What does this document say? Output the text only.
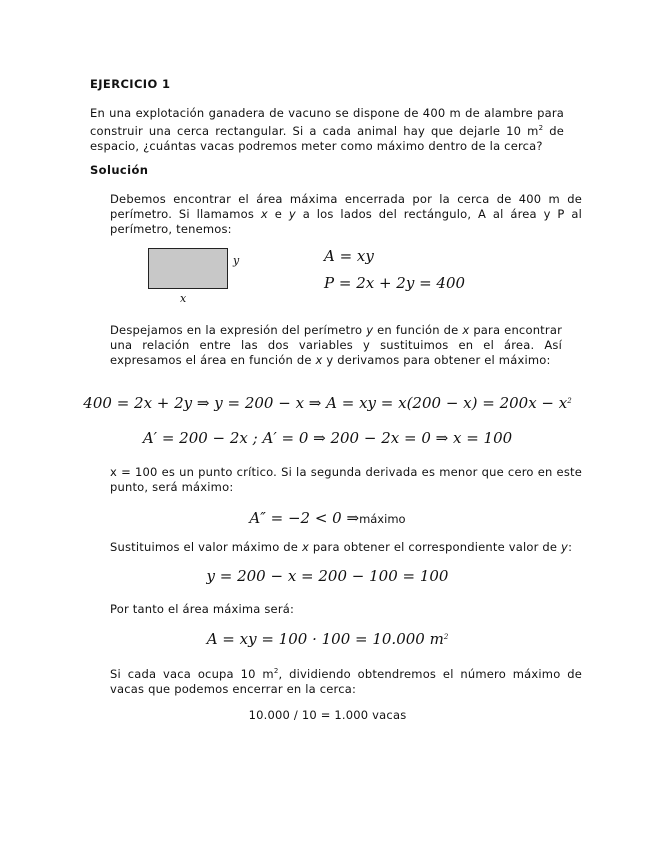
EJERCICIO 1
En una explotación ganadera de vacuno se dispone de 400 m de alambre para
construir una cerca rectangular. Si a cada animal hay que dejarle 10 $m^2$ de
espacio, ¿cuántas vacas podremos meter como máximo dentro de la cerca?
Solución
Debemos encontrar el área máxima encerrada por la cerca de 400 m de
perímetro. Si llamamos x e y a los lados del rectángulo, A al área y P al
perímetro, tenemos:
y
x
A = xy
P = 2x + 2y = 400
Despejamos en la expresión del perímetro y en función de x para encontrar
una relación entre las dos variables y sustituimos en el área. Así
expresamos el área en función de x y derivamos para obtener el máximo:
400 = 2x + 2y ⇒ y = 200 − x ⇒ A = xy = $x(200 - x) = 200x - x^2$
A′ = 200 − 2x ; A′ = 0 ⇒ 200 − 2x = 0 ⇒ x = 100
x = 100 es un punto crítico. Si la segunda derivada es menor que cero en este
punto, será máximo:
A″ = −2 < 0 ⇒máximo
Sustituimos el valor máximo de x para obtener el correspondiente valor de y:
y = 200 − x = 200 − 100 = 100
Por tanto el área máxima será:
A = xy = 100 · 100 = 10.000 $m^2$
Si cada vaca ocupa 10 $m^2$, dividiendo obtendremos el número máximo de
vacas que podemos encerrar en la cerca:
10.000 / 10 = 1.000 vacas
